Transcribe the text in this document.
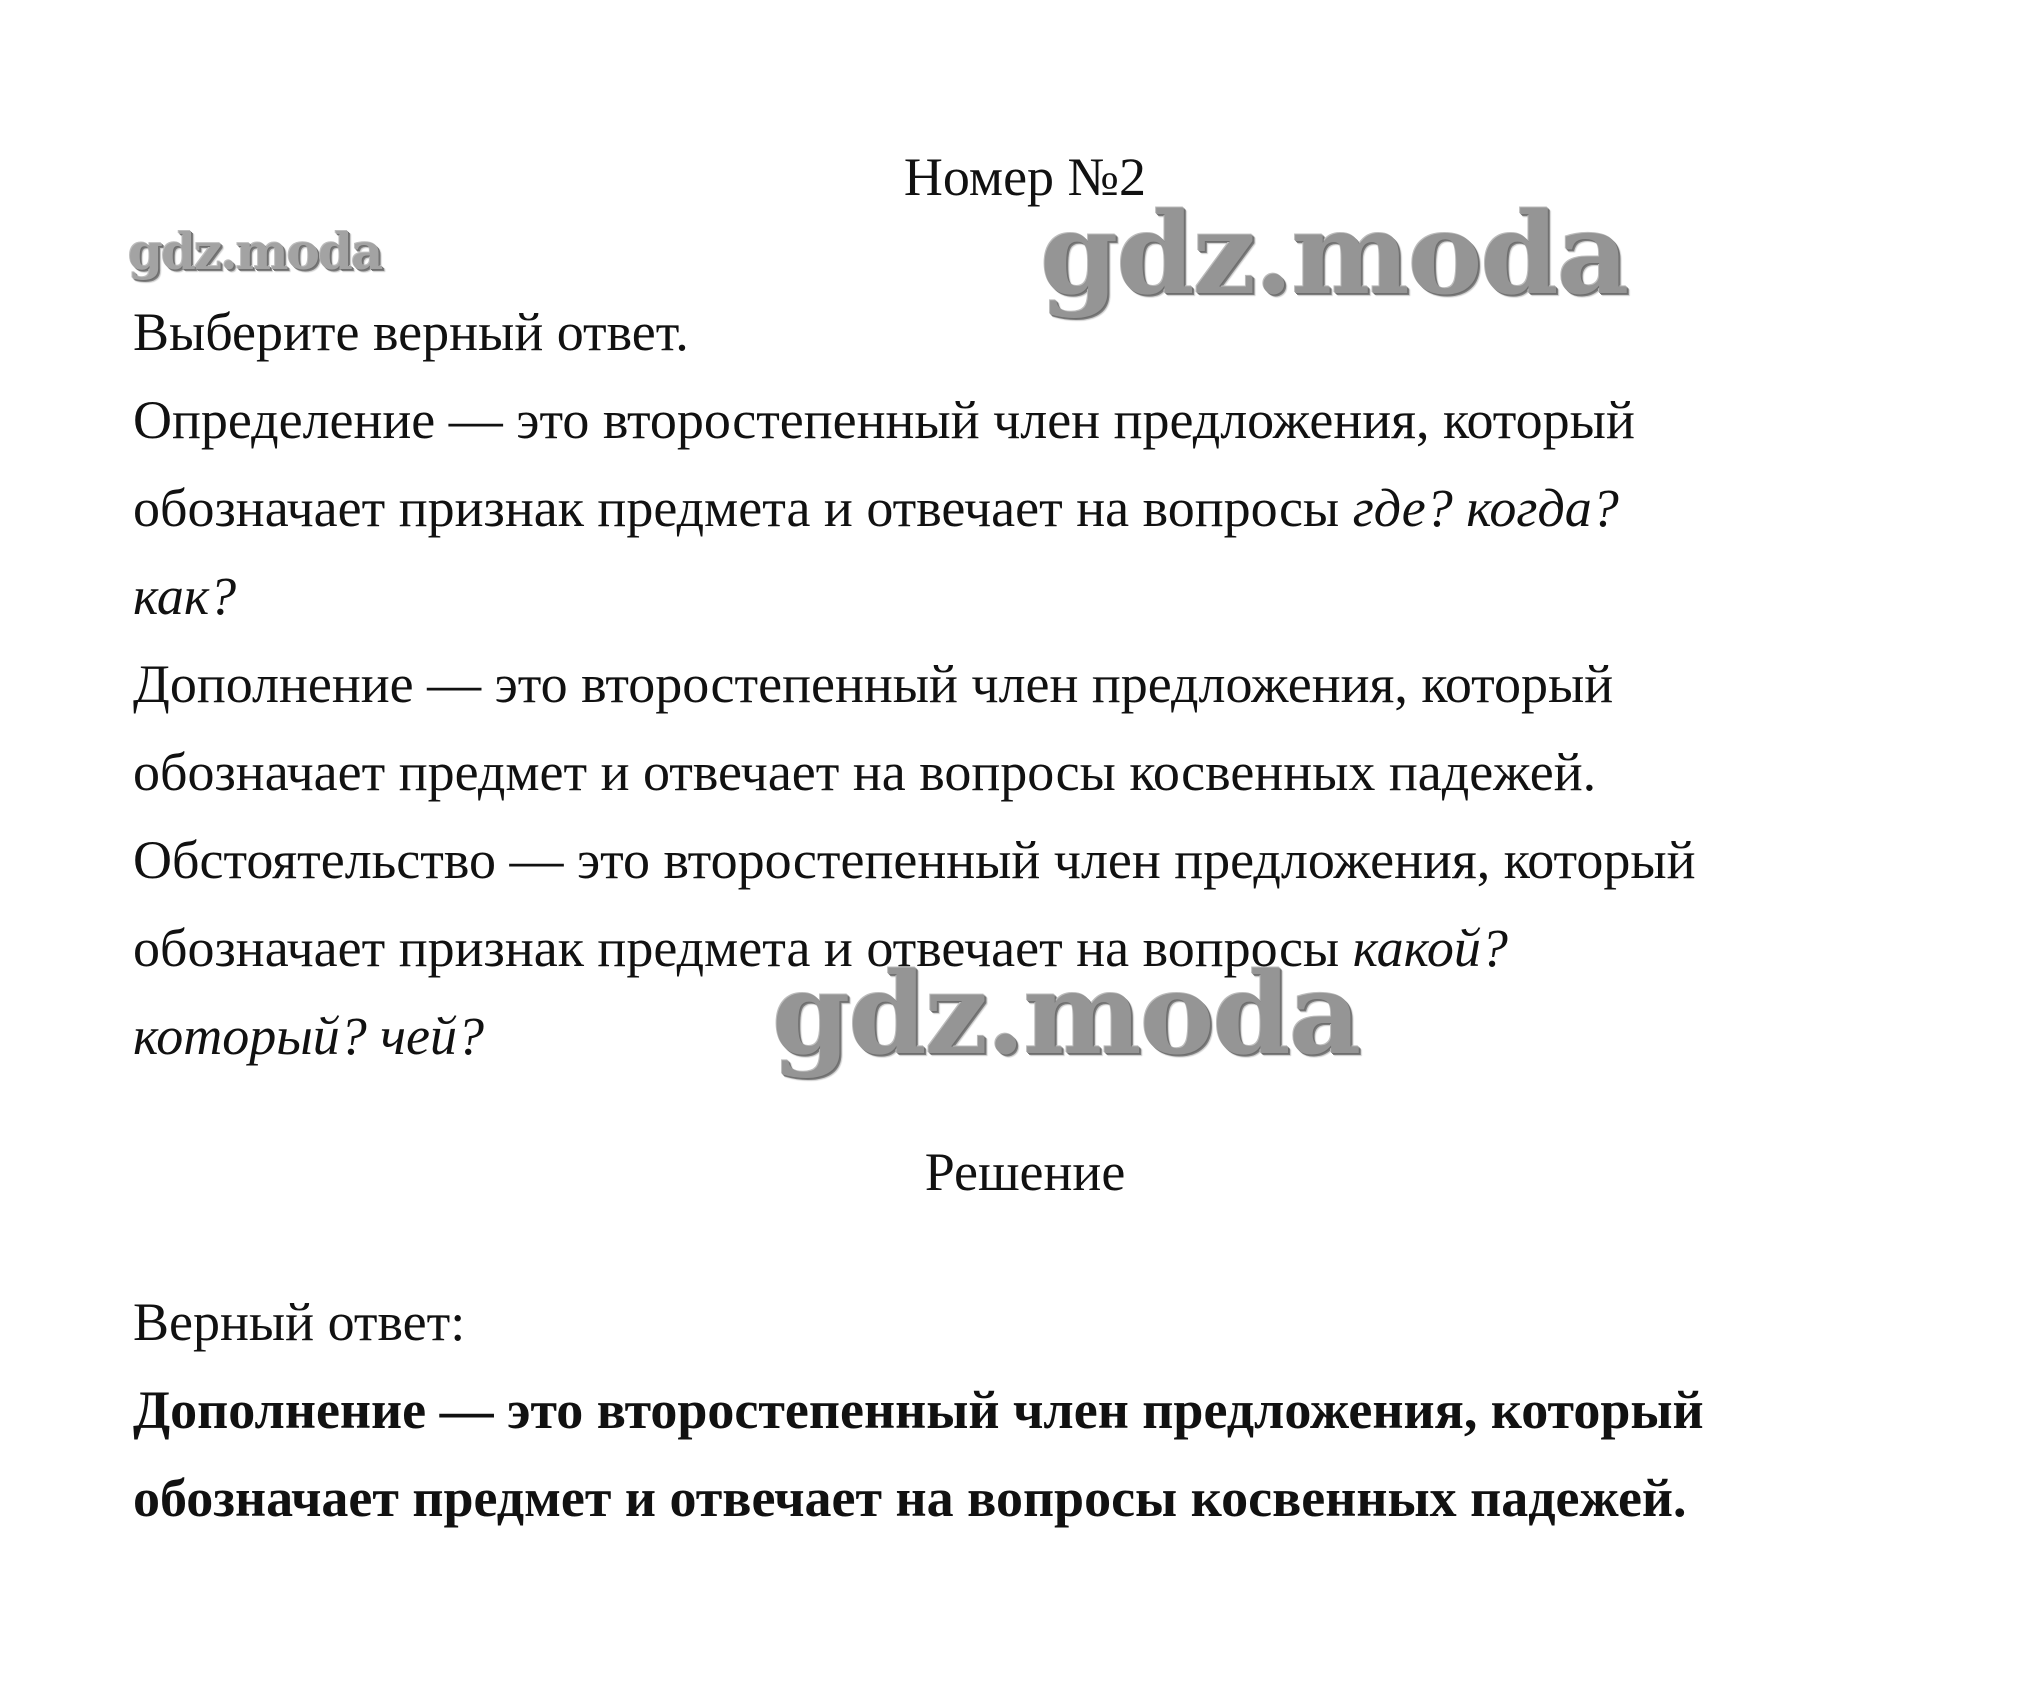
Номер №2
gdz.moda	gdz.moda
gdz.moda

Выберите верный ответ.

Определение — это второстепенный член предложения, который

обозначает признак предмета и отвечает на вопросы где? когда?

как?

Дополнение — это второстепенный член предложения, который

обозначает предмет и отвечает на вопросы косвенных падежей.

Обстоятельство — это второстепенный член предложения, который

обозначает признак предмета и отвечает на вопросы какой?

который? чей?

Решение

Верный ответ:

Дополнение — это второстепенный член предложения, который

обозначает предмет и отвечает на вопросы косвенных падежей.
